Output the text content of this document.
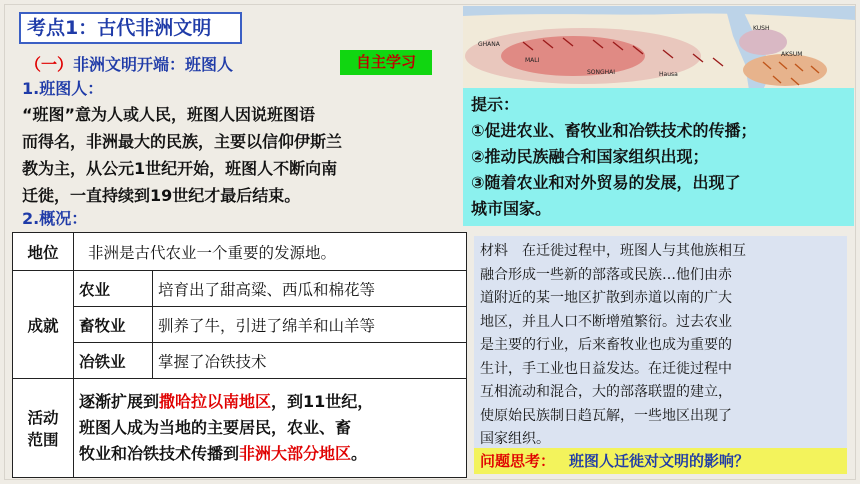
考点1：古代非洲文明
（一）非洲文明开端：班图人	自主学习
1.班图人：
“班图”意为人或人民，班图人因说班图语
而得名，非洲最大的民族，主要以信仰伊斯兰
教为主，从公元1世纪开始，班图人不断向南
迁徙，一直持续到19世纪才最后结束。
2.概况：
GHANA
MALI
SONGHAI
KUSH
AKSUM
Hausa
提示：
①促进农业、畜牧业和冶铁技术的传播；
②推动民族融合和国家组织出现；
③随着农业和对外贸易的发展，出现了
城市国家。
地位	非洲是古代农业一个重要的发源地。	
成就	农业	培育出了甜高粱、西瓜和棉花等
	畜牧业	驯养了牛，引进了绵羊和山羊等
	冶铁业	掌握了冶铁技术

活动
范围	逐渐扩展到撒哈拉以南地区，到11世纪，
班图人成为当地的主要居民，农业、畜
牧业和冶铁技术传播到非洲大部分地区。	
材料　在迁徙过程中，班图人与其他族相互
融合形成一些新的部落或民族…他们由赤
道附近的某一地区扩散到赤道以南的广大
地区，并且人口不断增殖繁衍。过去农业
是主要的行业，后来畜牧业也成为重要的
生计，手工业也日益发达。在迁徙过程中
互相流动和混合，大的部落联盟的建立，
使原始民族制日趋瓦解，一些地区出现了
国家组织。
问题思考： 班图人迁徙对文明的影响？
